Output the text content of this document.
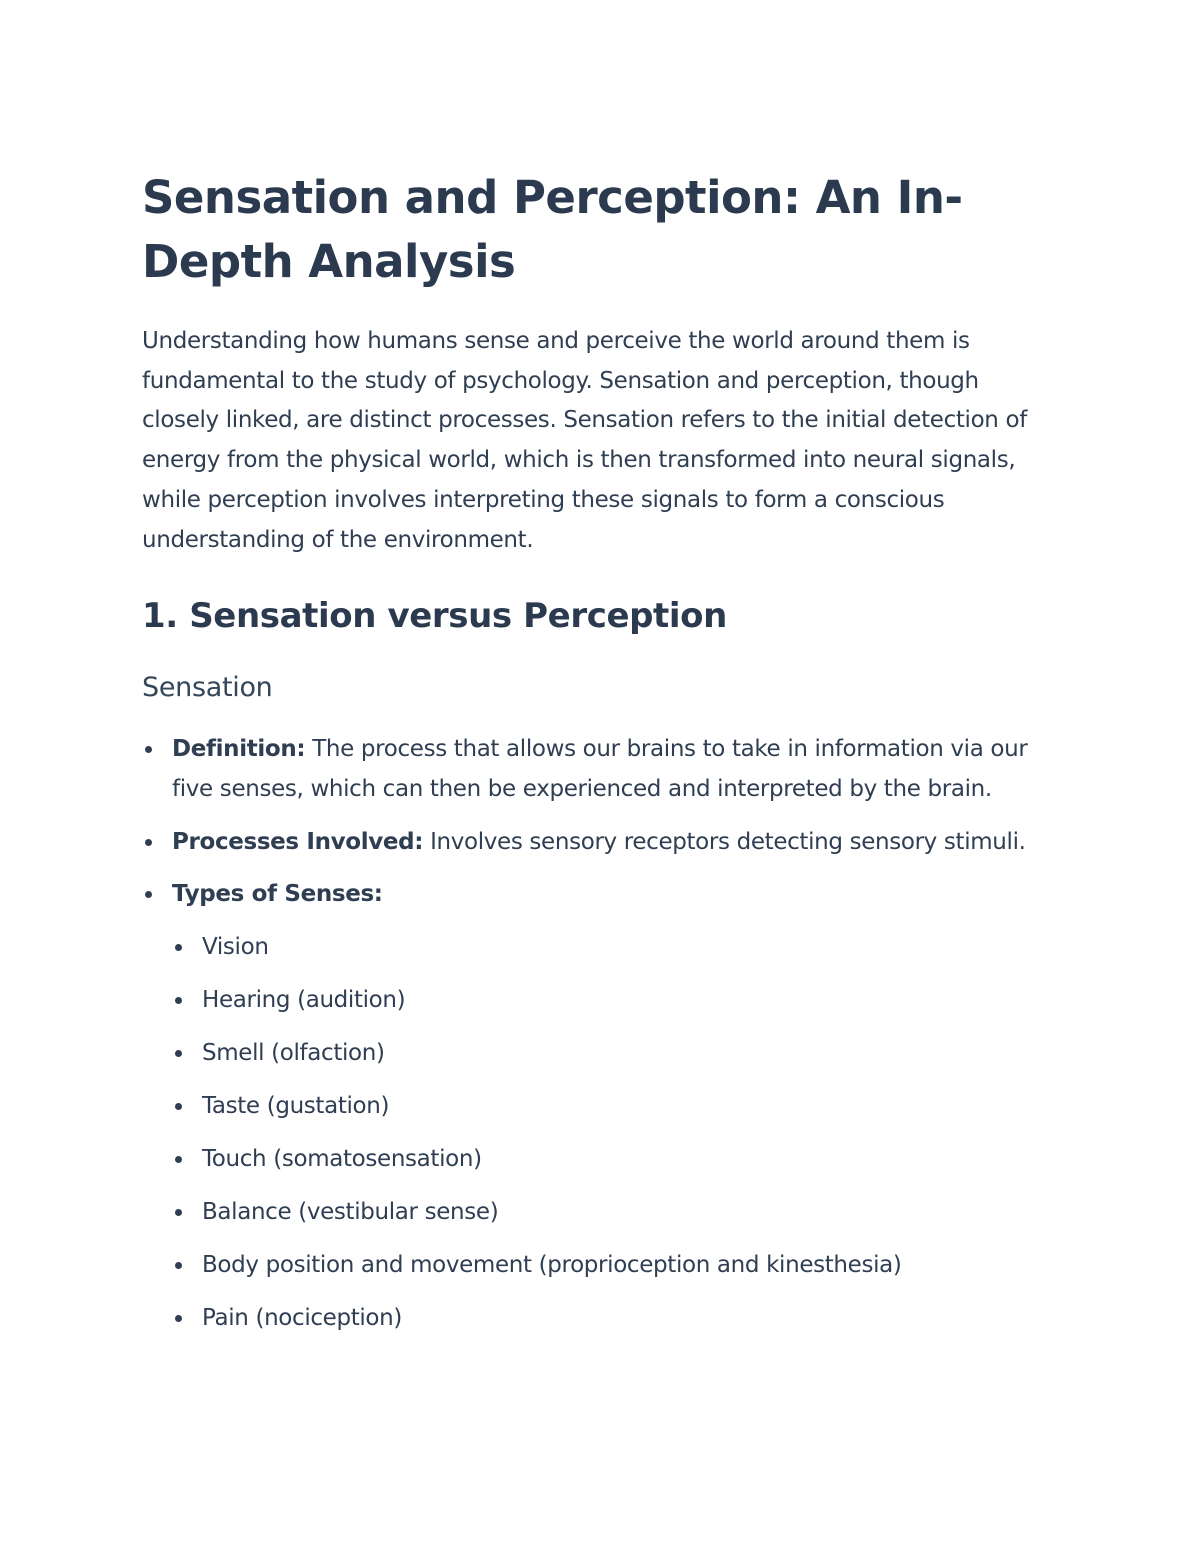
Sensation and Perception: An In-Depth Analysis

Understanding how humans sense and perceive the world around them is fundamental to the study of psychology. Sensation and perception, though closely linked, are distinct processes. Sensation refers to the initial detection of energy from the physical world, which is then transformed into neural signals, while perception involves interpreting these signals to form a conscious understanding of the environment.

1. Sensation versus Perception
Sensation
Definition: The process that allows our brains to take in information via our five senses, which can then be experienced and interpreted by the brain.
Processes Involved: Involves sensory receptors detecting sensory stimuli.
Types of Senses:
Vision
Hearing (audition)
Smell (olfaction)
Taste (gustation)
Touch (somatosensation)
Balance (vestibular sense)
Body position and movement (proprioception and kinesthesia)
Pain (nociception)
